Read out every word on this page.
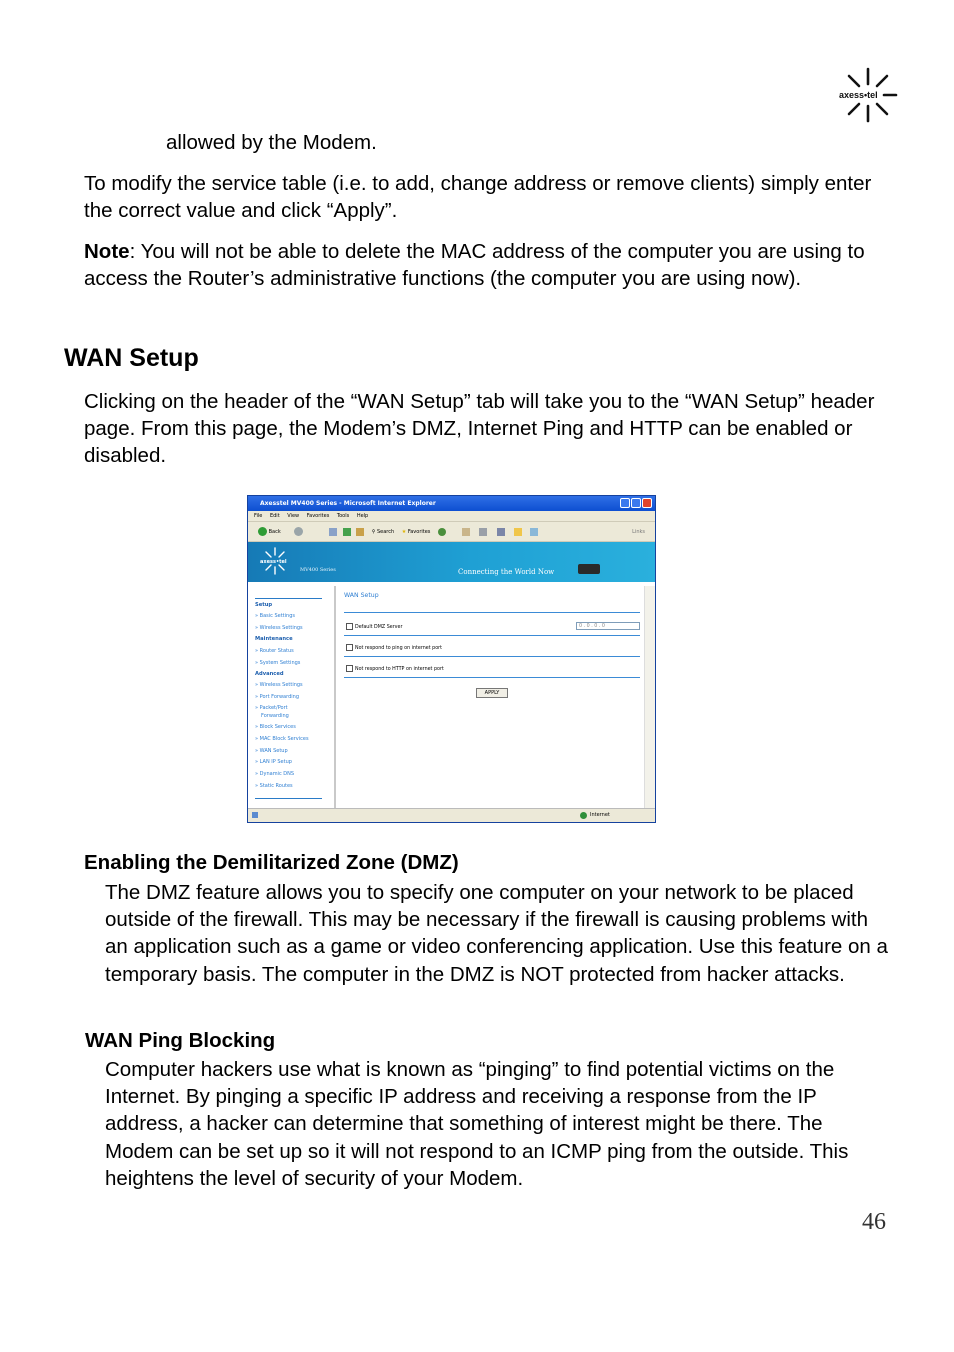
axess•tel

allowed by the Modem.

To modify the service table (i.e. to add, change address or remove clients) simply enter the correct value and click “Apply”.

Note: You will not be able to delete the MAC address of the computer you are using to access the Router’s administrative functions (the computer you are using now).

WAN Setup

Clicking on the header of the “WAN Setup” tab will take you to the “WAN Setup” header page. From this page, the Modem’s DMZ, Internet Ping and HTTP can be enabled or disabled.

Axesstel MV400 Series - Microsoft Internet Explorer
File Edit View Favorites Tools Help
Back	⚲ Search ★ Favorites	Links
axess•tel
MV400 Series	Connecting the World Now
Setup
» Basic Settings
» Wireless Settings
Maintenance
» Router Status
» System Settings
Advanced
» Wireless Settings
» Port Forwarding
» Packet/Port
Forwarding
» Block Services
» MAC Block Services
» WAN Setup
» LAN IP Setup
» Dynamic DNS
» Static Routes
WAN Setup
Default DMZ Server	0 . 0 . 0 . 0
Not respond to ping on internet port
Not respond to HTTP on internet port
APPLY
Internet
Enabling the Demilitarized Zone (DMZ)

The DMZ feature allows you to specify one computer on your network to be placed outside of the firewall. This may be necessary if the firewall is causing problems with an application such as a game or video conferencing application. Use this feature on a temporary basis. The computer in the DMZ is NOT protected from hacker attacks.

WAN Ping Blocking

Computer hackers use what is known as “pinging” to find potential victims on the Internet. By pinging a specific IP address and receiving a response from the IP address, a hacker can determine that something of interest might be there. The Modem can be set up so it will not respond to an ICMP ping from the outside. This heightens the level of security of your Modem.

46
